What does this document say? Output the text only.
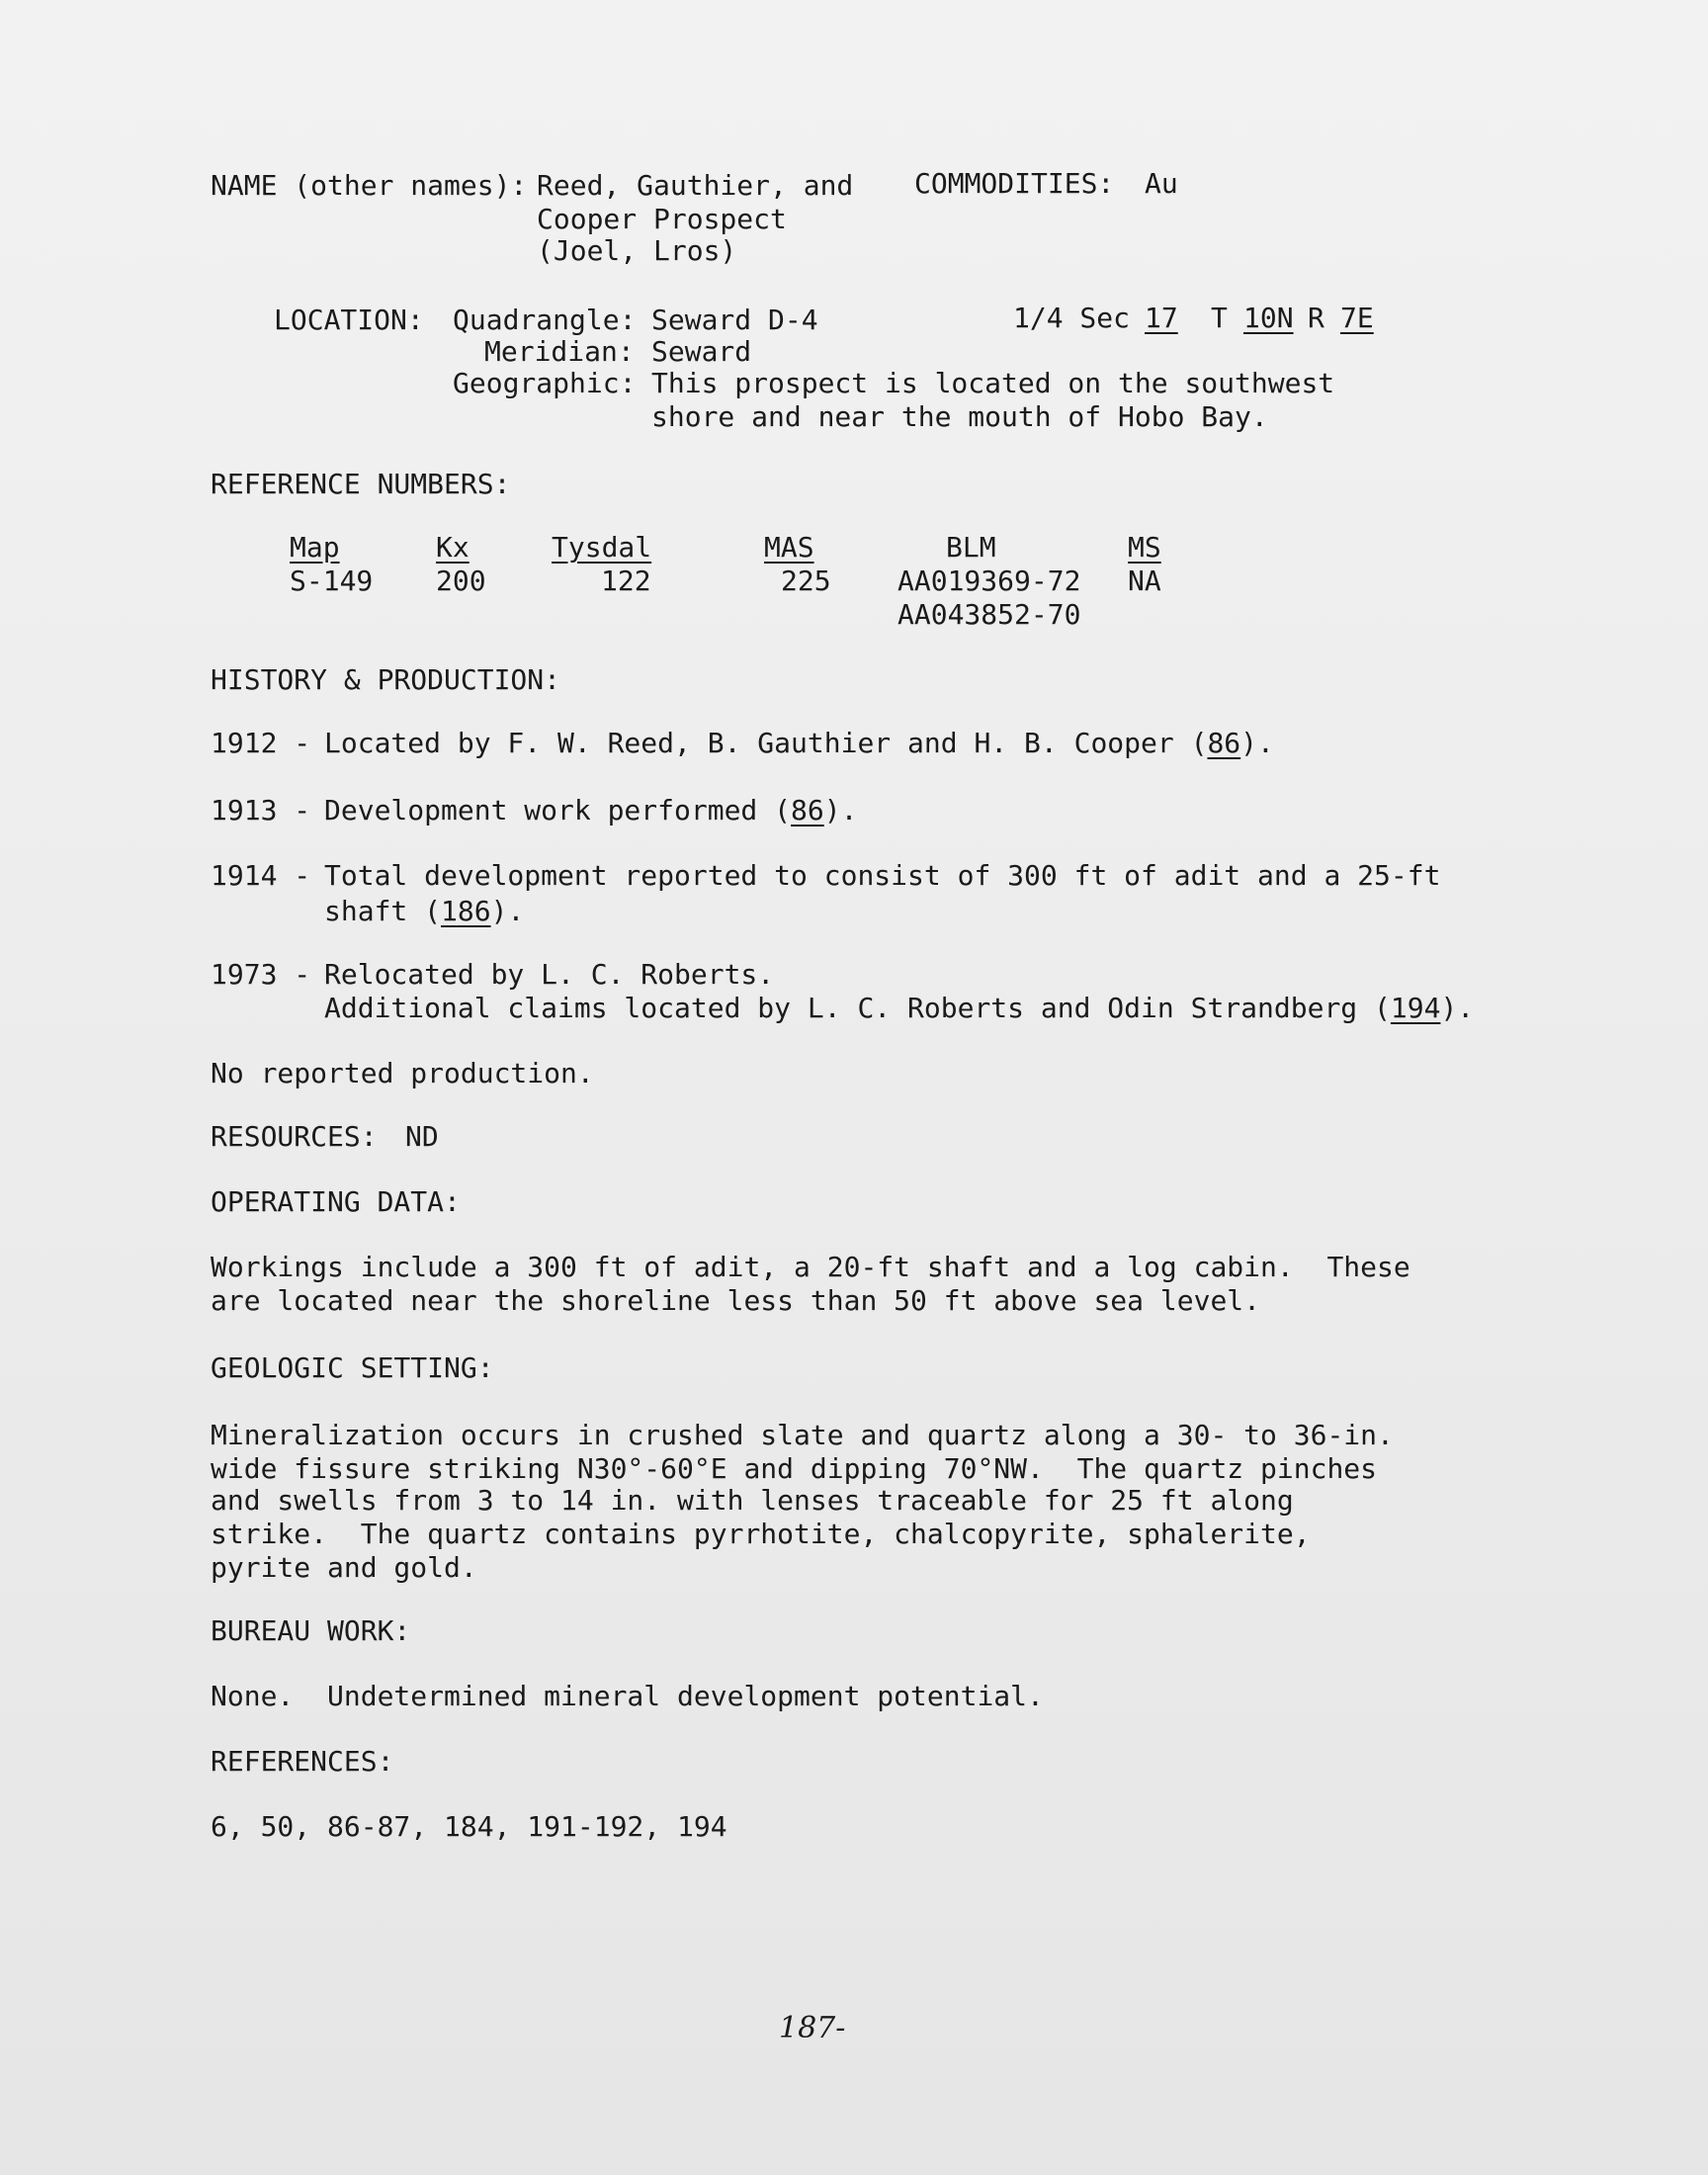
NAME (other names): Reed, Gauthier, and
Cooper Prospect
(Joel, Lros)
COMMODITIES: Au
LOCATION: Quadrangle: Seward D-4
Meridian: Seward
Geographic: This prospect is located on the southwest
shore and near the mouth of Hobo Bay.
1/4 Sec 17 T 10N R 7E
REFERENCE NUMBERS:
Map
S-149
Kx
200
Tysdal
122
MAS
225
BLM
AA019369-72
AA043852-70
MS
NA
HISTORY & PRODUCTION:
1912 - Located by F. W. Reed, B. Gauthier and H. B. Cooper (86).
1913 - Development work performed (86).
1914 - Total development reported to consist of 300 ft of adit and a 25-ft
shaft (186).
1973 - Relocated by L. C. Roberts.
Additional claims located by L. C. Roberts and Odin Strandberg (194).
No reported production.
RESOURCES: ND
OPERATING DATA:
Workings include a 300 ft of adit, a 20-ft shaft and a log cabin.  These
are located near the shoreline less than 50 ft above sea level.
GEOLOGIC SETTING:
Mineralization occurs in crushed slate and quartz along a 30- to 36-in.
wide fissure striking N30°-60°E and dipping 70°NW.  The quartz pinches
and swells from 3 to 14 in. with lenses traceable for 25 ft along
strike.  The quartz contains pyrrhotite, chalcopyrite, sphalerite,
pyrite and gold.
BUREAU WORK:
None.  Undetermined mineral development potential.
REFERENCES:
6, 50, 86-87, 184, 191-192, 194
187-
